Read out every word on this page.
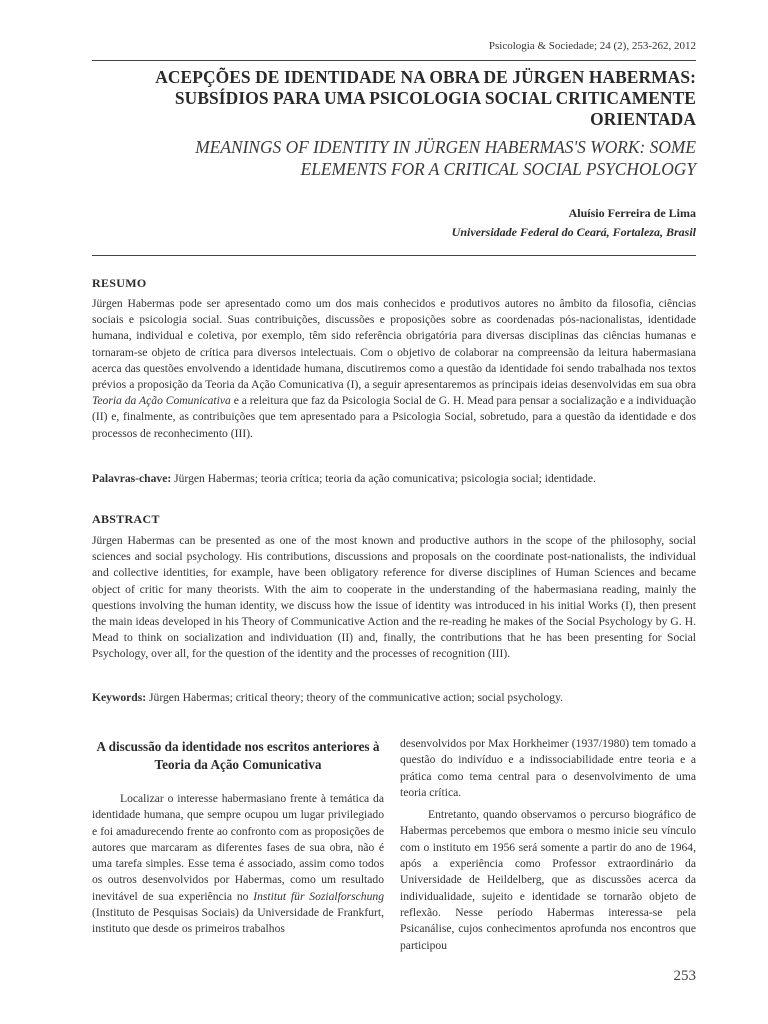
Psicologia & Sociedade; 24 (2), 253-262, 2012
ACEPÇÕES DE IDENTIDADE NA OBRA DE JÜRGEN HABERMAS:
SUBSÍDIOS PARA UMA PSICOLOGIA SOCIAL CRITICAMENTE
ORIENTADA
MEANINGS OF IDENTITY IN JÜRGEN HABERMAS'S WORK: SOME
ELEMENTS FOR A CRITICAL SOCIAL PSYCHOLOGY
Aluísio Ferreira de Lima
Universidade Federal do Ceará, Fortaleza, Brasil
RESUMO
Jürgen Habermas pode ser apresentado como um dos mais conhecidos e produtivos autores no âmbito da filosofia, ciências sociais e psicologia social. Suas contribuições, discussões e proposições sobre as coordenadas pós-nacionalistas, identidade humana, individual e coletiva, por exemplo, têm sido referência obrigatória para diversas disciplinas das ciências humanas e tornaram-se objeto de crítica para diversos intelectuais. Com o objetivo de colaborar na compreensão da leitura habermasiana acerca das questões envolvendo a identidade humana, discutiremos como a questão da identidade foi sendo trabalhada nos textos prévios a proposição da Teoria da Ação Comunicativa (I), a seguir apresentaremos as principais ideias desenvolvidas em sua obra Teoria da Ação Comunicativa e a releitura que faz da Psicologia Social de G. H. Mead para pensar a socialização e a individuação (II) e, finalmente, as contribuições que tem apresentado para a Psicologia Social, sobretudo, para a questão da identidade e dos processos de reconhecimento (III).
Palavras-chave: Jürgen Habermas; teoria crítica; teoria da ação comunicativa; psicologia social; identidade.
ABSTRACT
Jürgen Habermas can be presented as one of the most known and productive authors in the scope of the philosophy, social sciences and social psychology. His contributions, discussions and proposals on the coordinate post-nationalists, the individual and collective identities, for example, have been obligatory reference for diverse disciplines of Human Sciences and became object of critic for many theorists. With the aim to cooperate in the understanding of the habermasiana reading, mainly the questions involving the human identity, we discuss how the issue of identity was introduced in his initial Works (I), then present the main ideas developed in his Theory of Communicative Action and the re-reading he makes of the Social Psychology by G. H. Mead to think on socialization and individuation (II) and, finally, the contributions that he has been presenting for Social Psychology, over all, for the question of the identity and the processes of recognition (III).
Keywords: Jürgen Habermas; critical theory; theory of the communicative action; social psychology.
A discussão da identidade nos escritos anteriores à Teoria da Ação Comunicativa
Localizar o interesse habermasiano frente à temática da identidade humana, que sempre ocupou um lugar privilegiado e foi amadurecendo frente ao confronto com as proposições de autores que marcaram as diferentes fases de sua obra, não é uma tarefa simples. Esse tema é associado, assim como todos os outros desenvolvidos por Habermas, como um resultado inevitável de sua experiência no Institut für Sozialforschung (Instituto de Pesquisas Sociais) da Universidade de Frankfurt, instituto que desde os primeiros trabalhos
desenvolvidos por Max Horkheimer (1937/1980) tem tomado a questão do indivíduo e a indissociabilidade entre teoria e a prática como tema central para o desenvolvimento de uma teoria crítica.
Entretanto, quando observamos o percurso biográfico de Habermas percebemos que embora o mesmo inicie seu vínculo com o instituto em 1956 será somente a partir do ano de 1964, após a experiência como Professor extraordinário da Universidade de Heildelberg, que as discussões acerca da individualidade, sujeito e identidade se tornarão objeto de reflexão. Nesse período Habermas interessa-se pela Psicanálise, cujos conhecimentos aprofunda nos encontros que participou
253
